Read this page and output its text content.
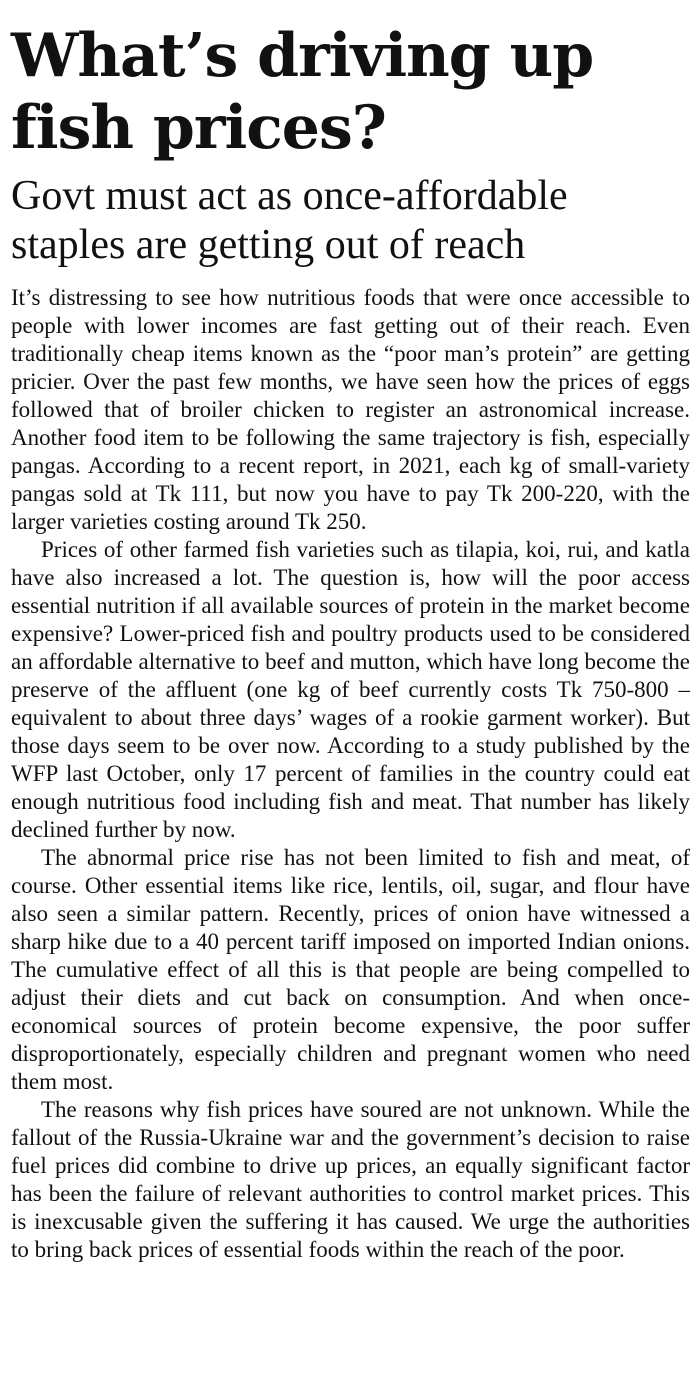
What’s driving up fish prices?
Govt must act as once-affordable staples are getting out of reach

It’s distressing to see how nutritious foods that were once accessible to people with lower incomes are fast getting out of their reach. Even traditionally cheap items known as the “poor man’s protein” are getting pricier. Over the past few months, we have seen how the prices of eggs followed that of broiler chicken to register an astronomical increase. Another food item to be following the same trajectory is fish, especially pangas. According to a recent report, in 2021, each kg of small-variety pangas sold at Tk 111, but now you have to pay Tk 200-220, with the larger varieties costing around Tk 250.

Prices of other farmed fish varieties such as tilapia, koi, rui, and katla have also increased a lot. The question is, how will the poor access essential nutrition if all available sources of protein in the market become expensive? Lower-priced fish and poultry products used to be considered an affordable alternative to beef and mutton, which have long become the preserve of the affluent (one kg of beef currently costs Tk 750-800 – equivalent to about three days’ wages of a rookie garment worker). But those days seem to be over now. According to a study published by the WFP last October, only 17 percent of families in the country could eat enough nutritious food including fish and meat. That number has likely declined further by now.

The abnormal price rise has not been limited to fish and meat, of course. Other essential items like rice, lentils, oil, sugar, and flour have also seen a similar pattern. Recently, prices of onion have witnessed a sharp hike due to a 40 percent tariff imposed on imported Indian onions. The cumulative effect of all this is that people are being compelled to adjust their diets and cut back on consumption. And when once-economical sources of protein become expensive, the poor suffer disproportionately, especially children and pregnant women who need them most.

The reasons why fish prices have soured are not unknown. While the fallout of the Russia-Ukraine war and the government’s decision to raise fuel prices did combine to drive up prices, an equally significant factor has been the failure of relevant authorities to control market prices. This is inexcusable given the suffering it has caused. We urge the authorities to bring back prices of essential foods within the reach of the poor.
